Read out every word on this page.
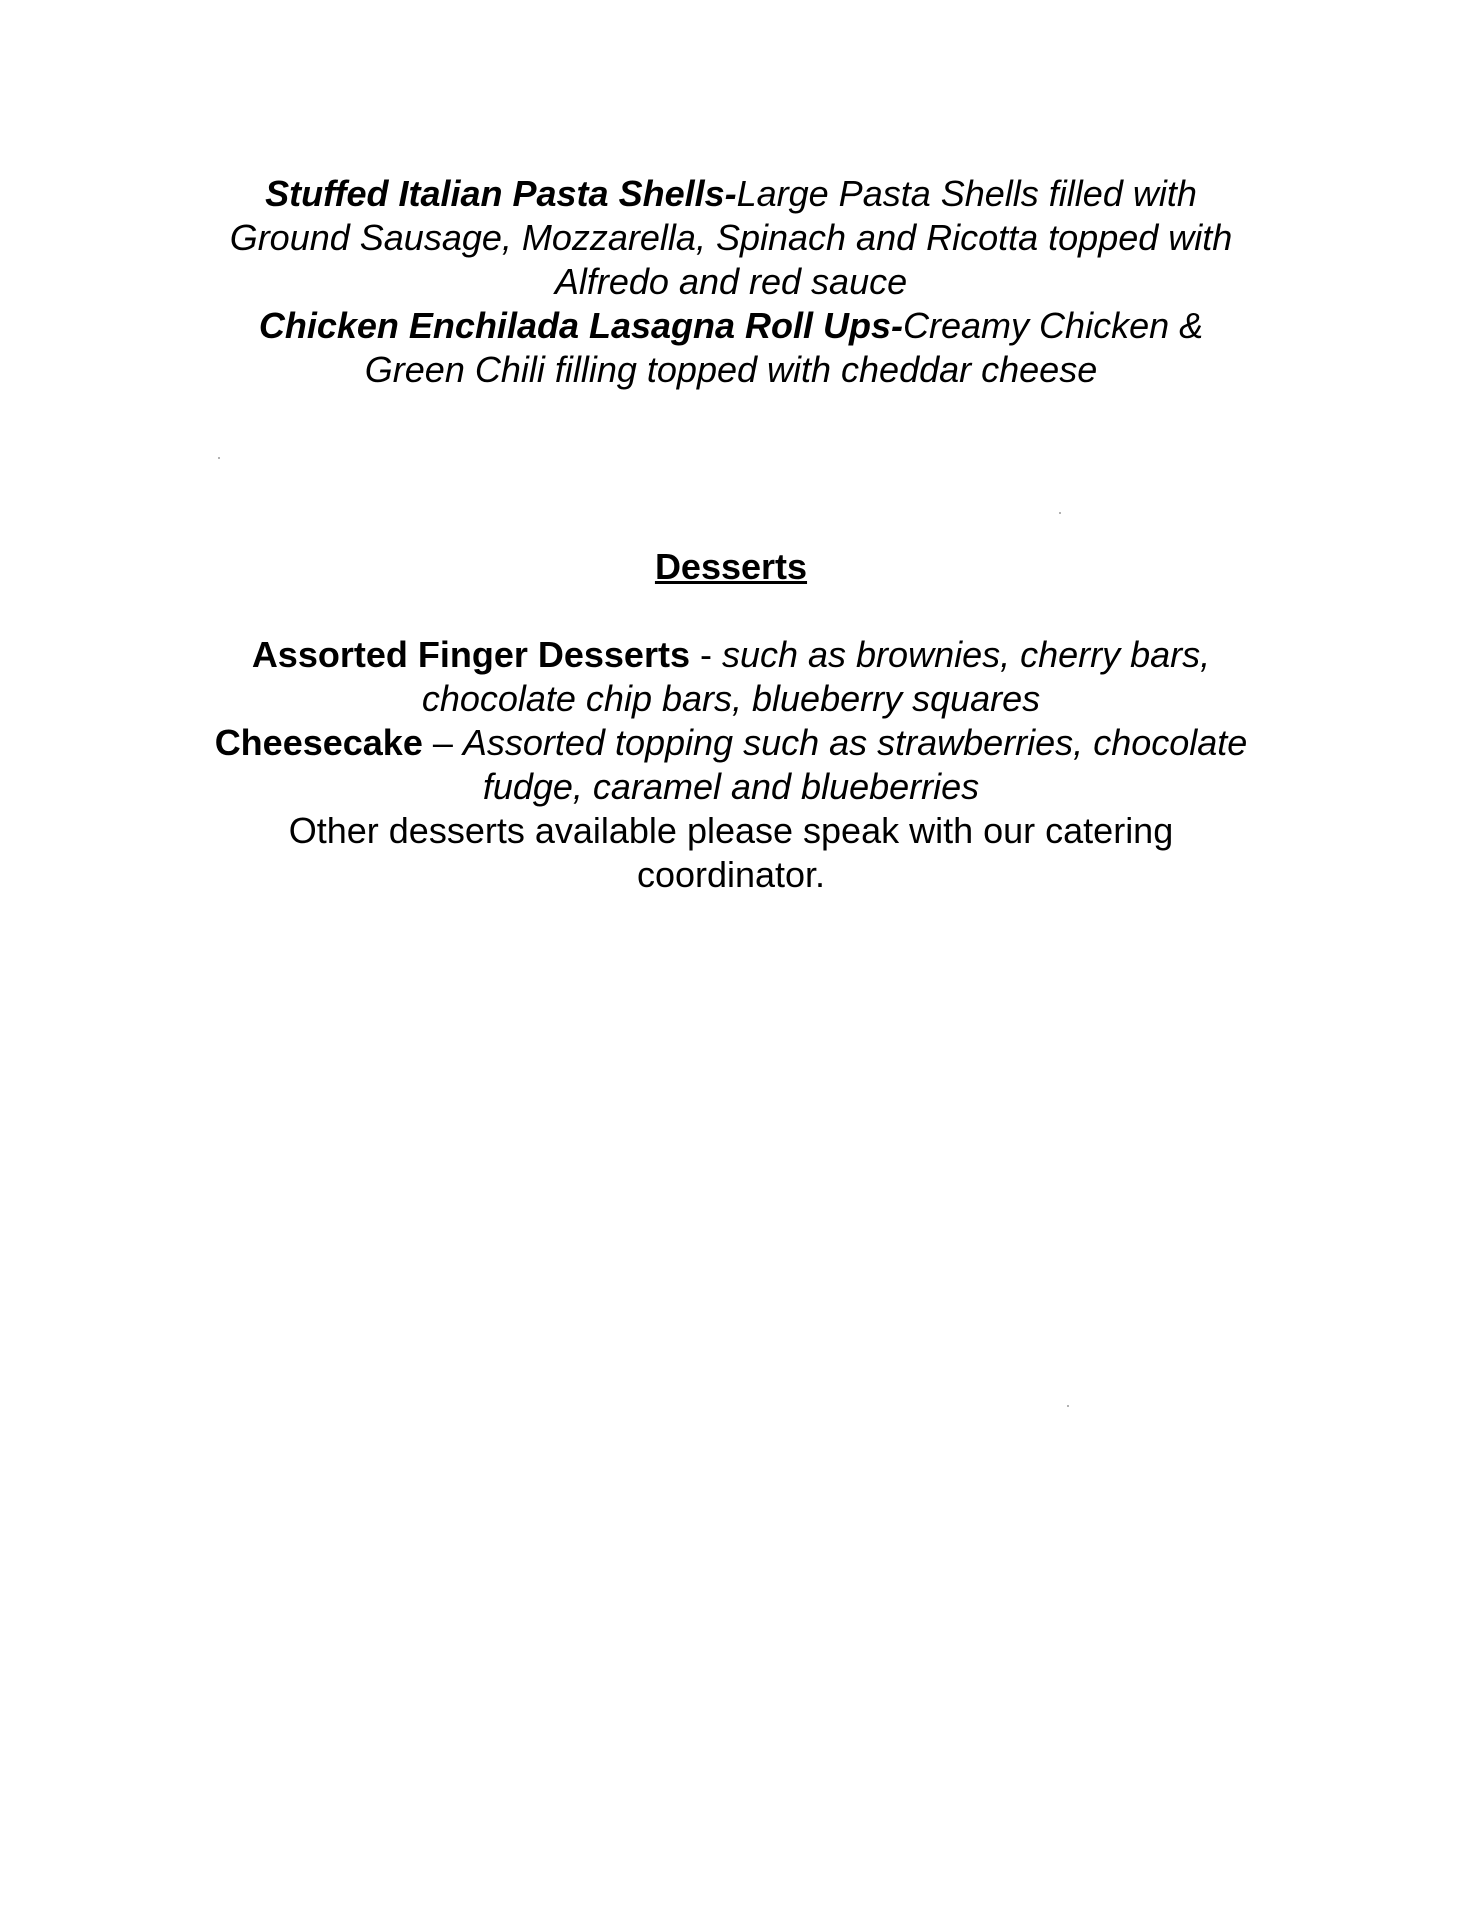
Stuffed Italian Pasta Shells-Large Pasta Shells filled with
Ground Sausage, Mozzarella, Spinach and Ricotta topped with
Alfredo and red sauce
Chicken Enchilada Lasagna Roll Ups-Creamy Chicken &
Green Chili filling topped with cheddar cheese
Desserts
Assorted Finger Desserts - such as brownies, cherry bars,
chocolate chip bars, blueberry squares
Cheesecake – Assorted topping such as strawberries, chocolate
fudge, caramel and blueberries
Other desserts available please speak with our catering
coordinator.
